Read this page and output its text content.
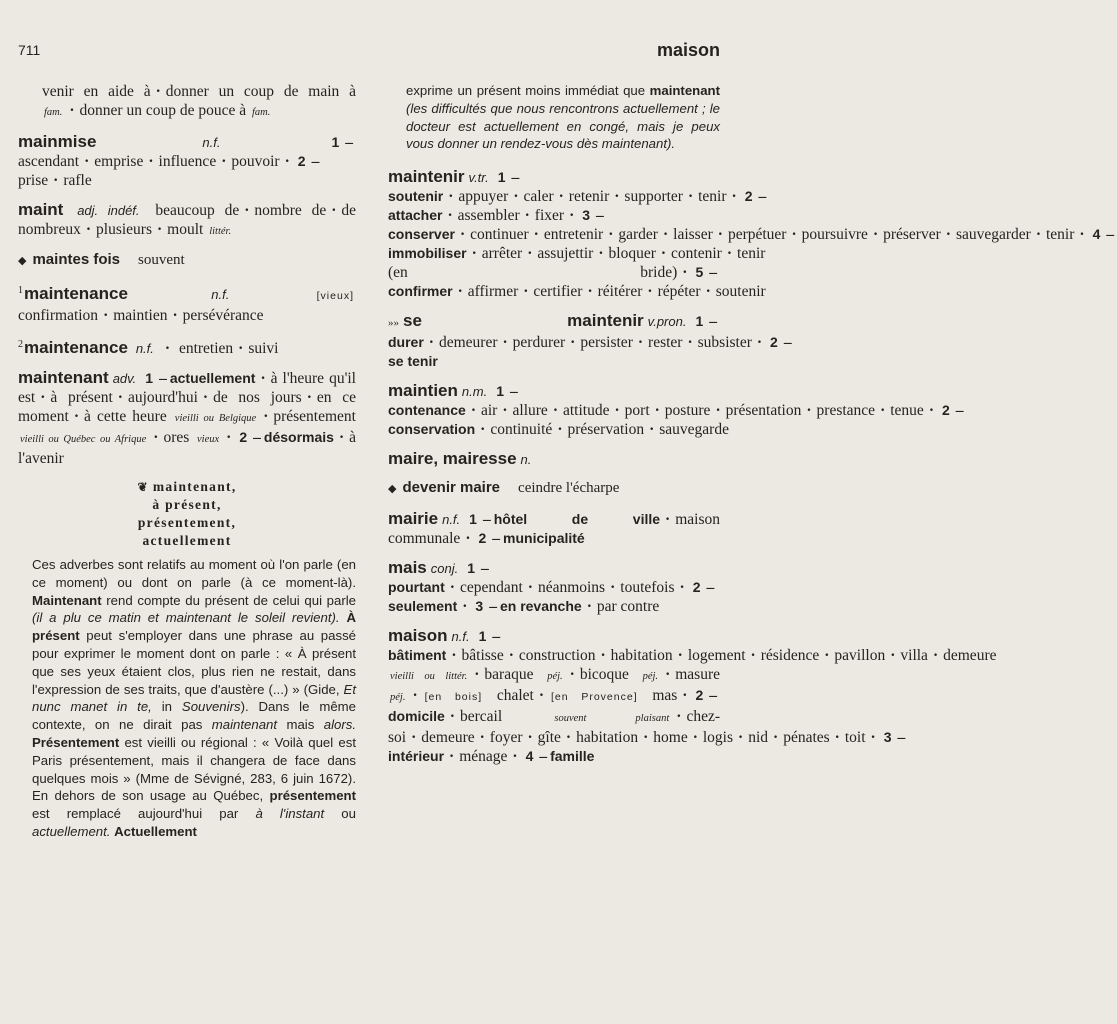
711	maison
venir en aide à · donner un coup de main à fam. · donner un coup de pouce à fam.
mainmise	n.f.	1 – ascendant · emprise · influence · pouvoir · 2 – prise · rafle
maint adj. indéf. beaucoup de · nombre de · de nombreux · plusieurs · moult littér.
◆ maintes fois souvent
$^1$maintenance	n.f.	[vieux] confirmation · maintien · persévérance
$^2$maintenance n.f. · entretien · suivi
maintenant adv. 1 – actuellement · à l'heure qu'il est · à présent · aujourd'hui · de nos jours · en ce moment · à cette heure vieilli ou Belgique · présentement vieilli ou Québec ou Afrique · ores vieux · 2 – désormais · à l'avenir
❦ maintenant,
à présent,
présentement,
actuellement
Ces adverbes sont relatifs au moment où l'on parle (en ce moment) ou dont on parle (à ce moment-là). Maintenant rend compte du présent de celui qui parle (il a plu ce matin et maintenant le soleil revient). À présent peut s'employer dans une phrase au passé pour exprimer le moment dont on parle : « À présent que ses yeux étaient clos, plus rien ne restait, dans l'expression de ses traits, que d'austère (...) » (Gide, Et nunc manet in te, in Souvenirs). Dans le même contexte, on ne dirait pas maintenant mais alors. Présentement est vieilli ou régional : « Voilà quel est Paris présentement, mais il changera de face dans quelques mois » (Mme de Sévigné, 283, 6 juin 1672). En dehors de son usage au Québec, présentement est remplacé aujourd'hui par à l'instant ou actuellement. Actuellement
exprime un présent moins immédiat que maintenant (les difficultés que nous rencontrons actuellement ; le docteur est actuellement en congé, mais je peux vous donner un rendez-vous dès maintenant).
maintenir v.tr. 1 –soutenir · appuyer · caler · retenir · supporter · tenir · 2 –attacher · assembler · fixer · 3 –conserver · continuer · entretenir · garder · laisser · perpétuer · poursuivre · préserver · sauvegarder · tenir · 4 –immobiliser · arrêter · assujettir · bloquer · contenir · tenir (en bride) · 5 –confirmer · affirmer · certifier · réitérer · répéter · soutenir
»» se maintenir v.pron. 1 –durer · demeurer · perdurer · persister · rester · subsister · 2 –se tenir
maintien n.m. 1 –contenance · air · allure · attitude · port · posture · présentation · prestance · tenue · 2 –conservation · continuité · préservation · sauvegarde
maire, mairesse n.
◆ devenir maire ceindre l'écharpe
mairie n.f. 1 – hôtel de ville · maison communale · 2 – municipalité
mais conj. 1 –pourtant · cependant · néanmoins · toutefois · 2 –seulement · 3 – en revanche · par contre
maison n.f. 1 –bâtiment · bâtisse · construction · habitation · logement · résidence · pavillon · villa · demeure vieilli ou littér. · baraque péj. · bicoque péj. · masure péj. · [en bois] chalet · [en Provence] mas · 2 –domicile · bercail	souvent plaisant · chez-soi · demeure · foyer · gîte · habitation · home · logis · nid · pénates · toit · 3 –intérieur · ménage · 4 – famille
